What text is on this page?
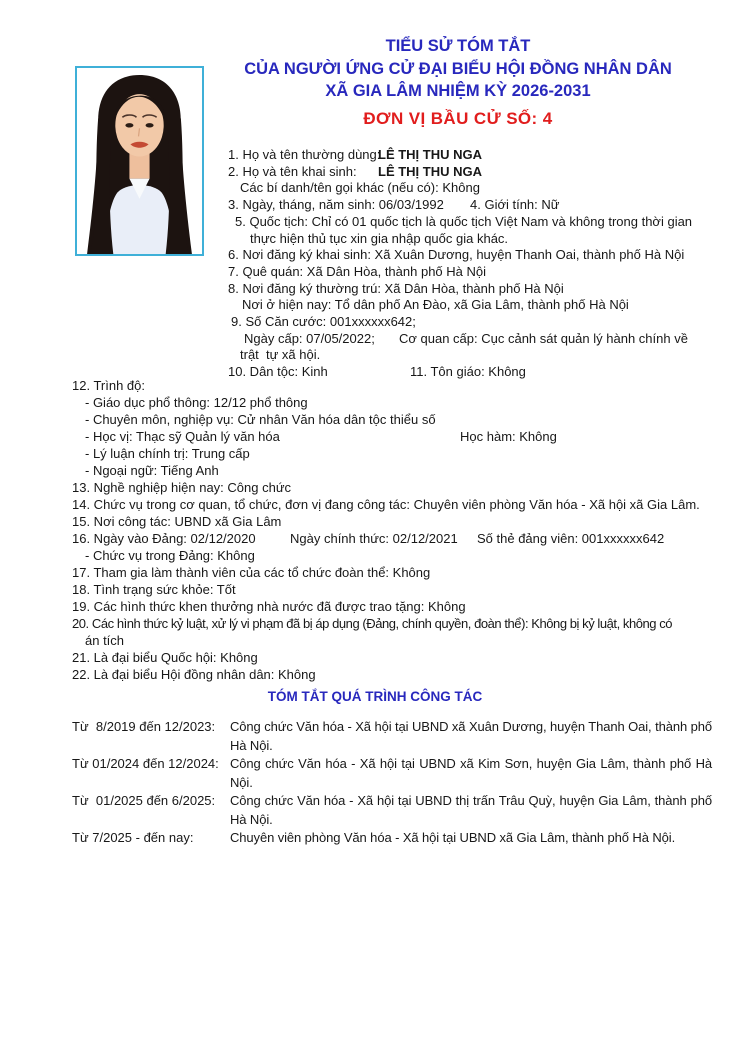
TIỂU SỬ TÓM TẮT
CỦA NGƯỜI ỨNG CỬ ĐẠI BIỂU HỘI ĐỒNG NHÂN DÂN
XÃ GIA LÂM NHIỆM KỲ 2026-2031
ĐƠN VỊ BẦU CỬ SỐ: 4
1. Họ và tên thường dùng:
LÊ THỊ THU NGA
2. Họ và tên khai sinh:	LÊ THỊ THU NGA
Các bí danh/tên gọi khác (nếu có): Không
3. Ngày, tháng, năm sinh: 06/03/1992	4. Giới tính: Nữ
5. Quốc tịch: Chỉ có 01 quốc tịch là quốc tịch Việt Nam và không trong thời gian
thực hiện thủ tục xin gia nhập quốc gia khác.
6. Nơi đăng ký khai sinh: Xã Xuân Dương, huyện Thanh Oai, thành phố Hà Nội
7. Quê quán: Xã Dân Hòa, thành phố Hà Nội
8. Nơi đăng ký thường trú: Xã Dân Hòa, thành phố Hà Nội
Nơi ở hiện nay: Tổ dân phố An Đào, xã Gia Lâm, thành phố Hà Nội
9. Số Căn cước: 001xxxxxx642;
Ngày cấp: 07/05/2022;	Cơ quan cấp: Cục cảnh sát quản lý hành chính về
trật  tự xã hội.
10. Dân tộc: Kinh	11. Tôn giáo: Không
12. Trình độ:
- Giáo dục phổ thông: 12/12 phổ thông
- Chuyên môn, nghiệp vụ: Cử nhân Văn hóa dân tộc thiểu số
- Học vị: Thạc sỹ Quản lý văn hóa	Học hàm: Không
- Lý luận chính trị: Trung cấp
- Ngoại ngữ: Tiếng Anh
13. Nghề nghiệp hiện nay: Công chức
14. Chức vụ trong cơ quan, tổ chức, đơn vị đang công tác: Chuyên viên phòng Văn hóa - Xã hội xã Gia Lâm.
15. Nơi công tác: UBND xã Gia Lâm
16. Ngày vào Đảng: 02/12/2020	Ngày chính thức: 02/12/2021	Số thẻ đảng viên: 001xxxxxx642
- Chức vụ trong Đảng: Không
17. Tham gia làm thành viên của các tổ chức đoàn thể: Không
18. Tình trạng sức khỏe: Tốt
19. Các hình thức khen thưởng nhà nước đã được trao tặng: Không
20. Các hình thức kỷ luật, xử lý vi phạm đã bị áp dụng (Đảng, chính quyền, đoàn thể): Không bị kỷ luật, không có
án tích
21. Là đại biểu Quốc hội: Không
22. Là đại biểu Hội đồng nhân dân: Không
TÓM TẮT QUÁ TRÌNH CÔNG TÁC
Từ  8/2019 đến 12/2023:	Công chức Văn hóa - Xã hội tại UBND xã Xuân Dương, huyện Thanh Oai, thành phố Hà Nội.
Từ 01/2024 đến 12/2024: Công chức Văn hóa - Xã hội tại UBND xã Kim Sơn, huyện Gia Lâm, thành phố Hà Nội.
Từ  01/2025 đến 6/2025:	Công chức Văn hóa - Xã hội tại UBND thị trấn Trâu Quỳ, huyện Gia Lâm, thành phố Hà Nội.
Từ 7/2025 - đến nay:	Chuyên viên phòng Văn hóa - Xã hội tại UBND xã Gia Lâm, thành phố Hà Nội.
